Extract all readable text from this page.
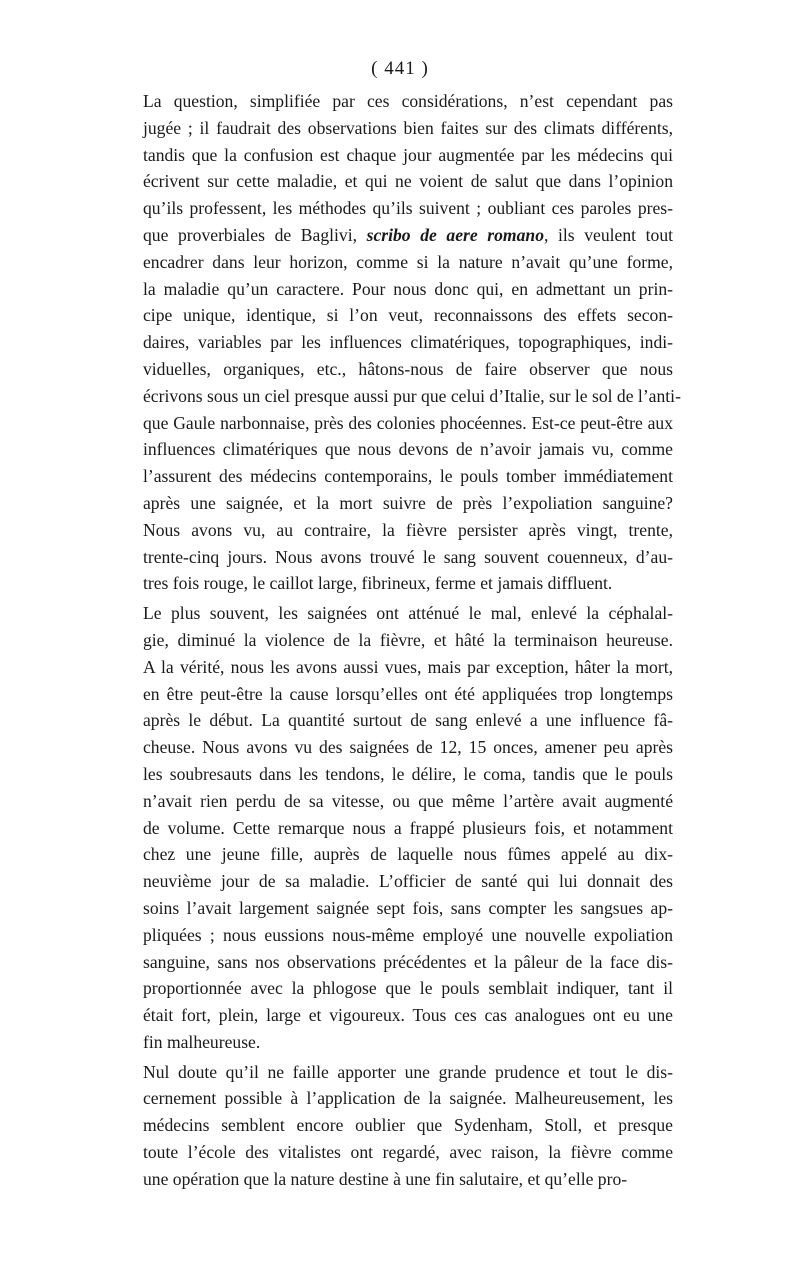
( 441 )

La question, simplifiée par ces considérations, n’est cependant pas
jugée ; il faudrait des observations bien faites sur des climats différents,
tandis que la confusion est chaque jour augmentée par les médecins qui
écrivent sur cette maladie, et qui ne voient de salut que dans l’opinion
qu’ils professent, les méthodes qu’ils suivent ; oubliant ces paroles pres-
que proverbiales de Baglivi, scribo de aere romano, ils veulent tout
encadrer dans leur horizon, comme si la nature n’avait qu’une forme,
la maladie qu’un caractere. Pour nous donc qui, en admettant un prin-
cipe unique, identique, si l’on veut, reconnaissons des effets secon-
daires, variables par les influences climatériques, topographiques, indi-
viduelles, organiques, etc., hâtons-nous de faire observer que nous
écrivons sous un ciel presque aussi pur que celui d’Italie, sur le sol de l’anti-
que Gaule narbonnaise, près des colonies phocéennes. Est-ce peut-être aux
influences climatériques que nous devons de n’avoir jamais vu, comme
l’assurent des médecins contemporains, le pouls tomber immédiatement
après une saignée, et la mort suivre de près l’expoliation sanguine?
Nous avons vu, au contraire, la fièvre persister après vingt, trente,
trente-cinq jours. Nous avons trouvé le sang souvent couenneux, d’au-
tres fois rouge, le caillot large, fibrineux, ferme et jamais diffluent.

Le plus souvent, les saignées ont atténué le mal, enlevé la céphalal-
gie, diminué la violence de la fièvre, et hâté la terminaison heureuse.
A la vérité, nous les avons aussi vues, mais par exception, hâter la mort,
en être peut-être la cause lorsqu’elles ont été appliquées trop longtemps
après le début. La quantité surtout de sang enlevé a une influence fâ-
cheuse. Nous avons vu des saignées de 12, 15 onces, amener peu après
les soubresauts dans les tendons, le délire, le coma, tandis que le pouls
n’avait rien perdu de sa vitesse, ou que même l’artère avait augmenté
de volume. Cette remarque nous a frappé plusieurs fois, et notamment
chez une jeune fille, auprès de laquelle nous fûmes appelé au dix-
neuvième jour de sa maladie. L’officier de santé qui lui donnait des
soins l’avait largement saignée sept fois, sans compter les sangsues ap-
pliquées ; nous eussions nous-même employé une nouvelle expoliation
sanguine, sans nos observations précédentes et la pâleur de la face dis-
proportionnée avec la phlogose que le pouls semblait indiquer, tant il
était fort, plein, large et vigoureux. Tous ces cas analogues ont eu une
fin malheureuse.

Nul doute qu’il ne faille apporter une grande prudence et tout le dis-
cernement possible à l’application de la saignée. Malheureusement, les
médecins semblent encore oublier que Sydenham, Stoll, et presque
toute l’école des vitalistes ont regardé, avec raison, la fièvre comme
une opération que la nature destine à une fin salutaire, et qu’elle pro-
